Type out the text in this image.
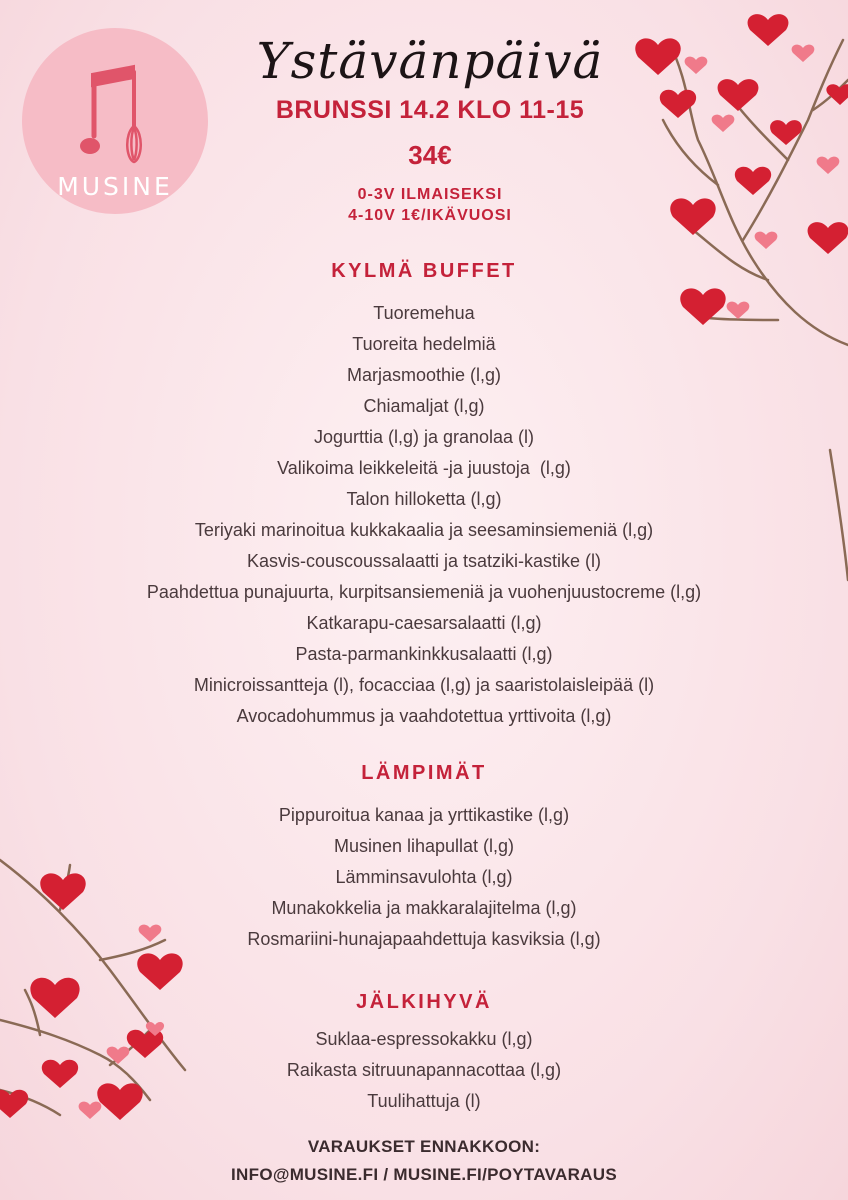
MUSINE
Ystävänpäivä
BRUNSSI 14.2 KLO 11-15
34€
0-3V ILMAISEKSI
4-10V 1€/IKÄVUOSI
KYLMÄ BUFFET
Tuoremehua
Tuoreita hedelmiä
Marjasmoothie (l,g)
Chiamaljat (l,g)
Jogurttia (l,g) ja granolaa (l)
Valikoima leikkeleitä -ja juustoja  (l,g)
Talon hilloketta (l,g)
Teriyaki marinoitua kukkakaalia ja seesaminsiemeniä (l,g)
Kasvis-couscoussalaatti ja tsatziki-kastike (l)
Paahdettua punajuurta, kurpitsansiemeniä ja vuohenjuustocreme (l,g)
Katkarapu-caesarsalaatti (l,g)
Pasta-parmankinkkusalaatti (l,g)
Minicroissantteja (l), focacciaa (l,g) ja saaristolaisleipää (l)
Avocadohummus ja vaahdotettua yrttivoita (l,g)
LÄMPIMÄT
Pippuroitua kanaa ja yrttikastike (l,g)
Musinen lihapullat (l,g)
Lämminsavulohta (l,g)
Munakokkelia ja makkaralajitelma (l,g)
Rosmariini-hunajapaahdettuja kasviksia (l,g)
JÄLKIHYVÄ
Suklaa-espressokakku (l,g)
Raikasta sitruunapannacottaa (l,g)
Tuulihattuja (l)
VARAUKSET ENNAKKOON:
INFO@MUSINE.FI / MUSINE.FI/POYTAVARAUS
